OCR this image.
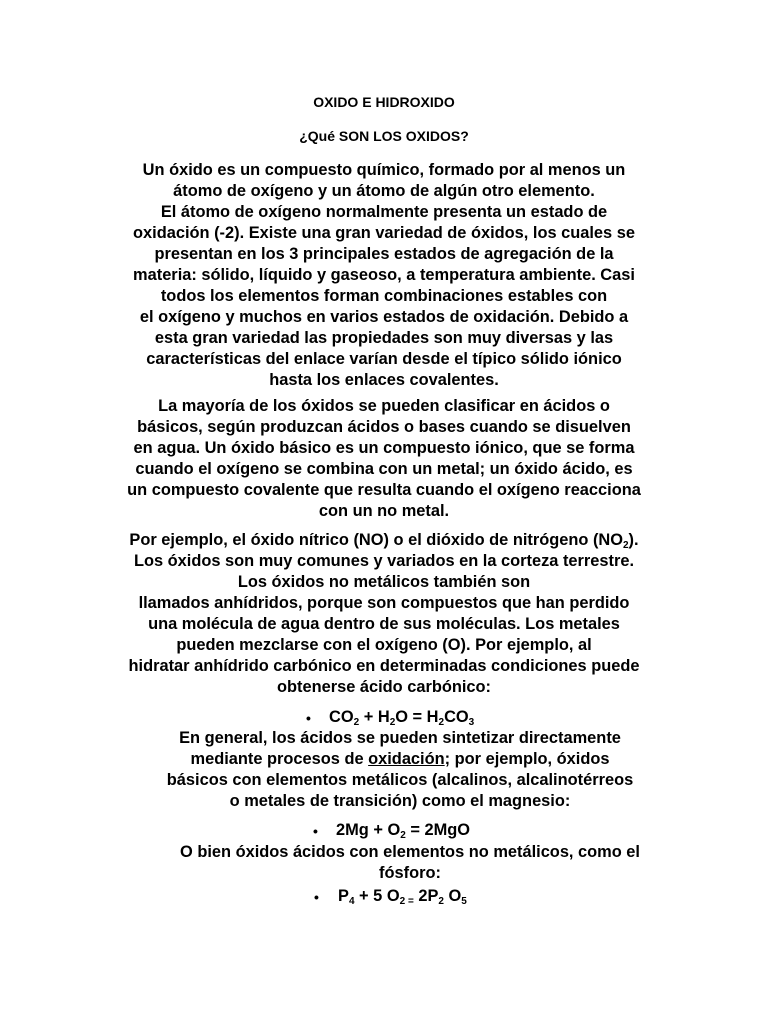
OXIDO E HIDROXIDO
¿Qué SON LOS OXIDOS?
Un óxido es un compuesto químico, formado por al menos un
átomo de oxígeno y un átomo de algún otro elemento.
El átomo de oxígeno normalmente presenta un estado de
oxidación (-2). Existe una gran variedad de óxidos, los cuales se
presentan en los 3 principales estados de agregación de la
materia: sólido, líquido y gaseoso, a temperatura ambiente. Casi
todos los elementos forman combinaciones estables con
el oxígeno y muchos en varios estados de oxidación. Debido a
esta gran variedad las propiedades son muy diversas y las
características del enlace varían desde el típico sólido iónico
hasta los enlaces covalentes.
La mayoría de los óxidos se pueden clasificar en ácidos o
básicos, según produzcan ácidos o bases cuando se disuelven
en agua. Un óxido básico es un compuesto iónico, que se forma
cuando el oxígeno se combina con un metal; un óxido ácido, es
un compuesto covalente que resulta cuando el oxígeno reacciona
con un no metal.
Por ejemplo, el óxido nítrico (NO) o el dióxido de nitrógeno $(NO_2)$.
Los óxidos son muy comunes y variados en la corteza terrestre.
Los óxidos no metálicos también son
llamados anhídridos, porque son compuestos que han perdido
una molécula de agua dentro de sus moléculas. Los metales
pueden mezclarse con el oxígeno (O). Por ejemplo, al
hidratar anhídrido carbónico en determinadas condiciones puede
obtenerse ácido carbónico:
• $CO_2 + H_2O = H_2CO_3$
En general, los ácidos se pueden sintetizar directamente
mediante procesos de oxidación; por ejemplo, óxidos
básicos con elementos metálicos (alcalinos, alcalinotérreos
o metales de transición) como el magnesio:
• $2Mg + O_2 = 2MgO$
O bien óxidos ácidos con elementos no metálicos, como el
fósforo:
• $P_4 + 5$ $O_{2 =}$ $2P_2$ $O_5$
